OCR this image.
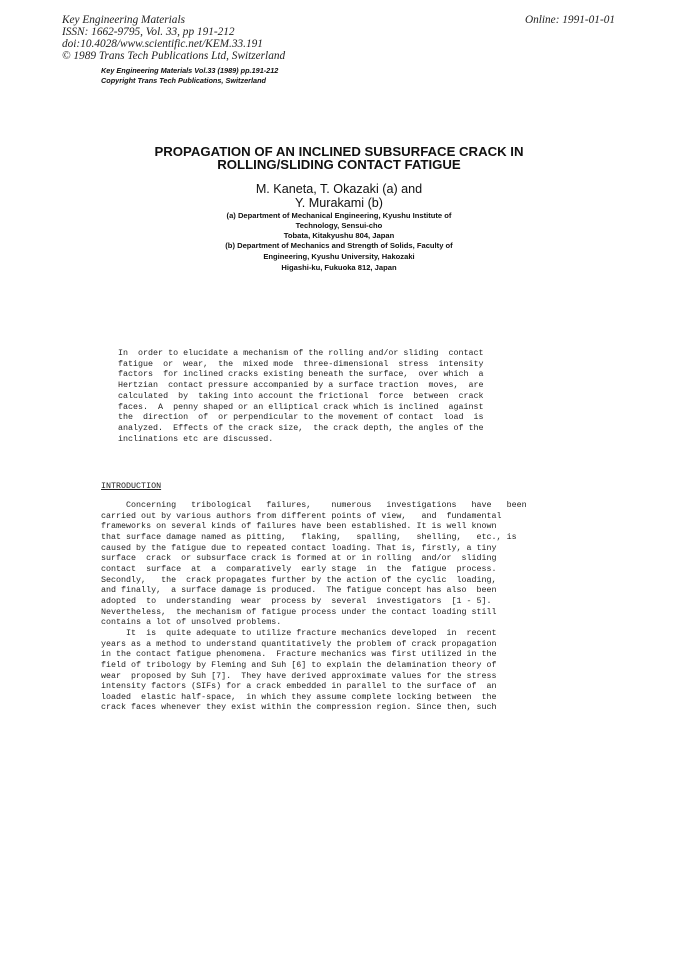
Key Engineering Materials
ISSN: 1662-9795, Vol. 33, pp 191-212
doi:10.4028/www.scientific.net/KEM.33.191
© 1989 Trans Tech Publications Ltd, Switzerland
Online: 1991-01-01
Key Engineering Materials Vol.33 (1989) pp.191-212
Copyright Trans Tech Publications, Switzerland
PROPAGATION OF AN INCLINED SUBSURFACE CRACK IN
ROLLING/SLIDING CONTACT FATIGUE
M. Kaneta, T. Okazaki (a) and
Y. Murakami (b)
(a) Department of Mechanical Engineering, Kyushu Institute of
Technology, Sensui-cho
Tobata, Kitakyushu 804, Japan
(b) Department of Mechanics and Strength of Solids, Faculty of
Engineering, Kyushu University, Hakozaki
Higashi-ku, Fukuoka 812, Japan
In  order to elucidate a mechanism of the rolling and/or sliding  contact
fatigue  or  wear,  the  mixed mode  three-dimensional  stress  intensity
factors  for inclined cracks existing beneath the surface,  over which  a
Hertzian  contact pressure accompanied by a surface traction  moves,  are
calculated  by  taking into account the frictional  force  between  crack
faces.  A  penny shaped or an elliptical crack which is inclined  against
the  direction  of  or perpendicular to the movement of contact  load  is
analyzed.  Effects of the crack size,  the crack depth, the angles of the
inclinations etc are discussed.
INTRODUCTION
Concerning   tribological   failures,    numerous   investigations   have   been
carried out by various authors from different points of view,   and  fundamental
frameworks on several kinds of failures have been established. It is well known
that surface damage named as pitting,   flaking,   spalling,   shelling,   etc., is
caused by the fatigue due to repeated contact loading. That is, firstly, a tiny
surface  crack  or subsurface crack is formed at or in rolling  and/or  sliding
contact  surface  at  a  comparatively  early stage  in  the  fatigue  process.
Secondly,   the  crack propagates further by the action of the cyclic  loading,
and finally,  a surface damage is produced.  The fatigue concept has also  been
adopted  to  understanding  wear  process by  several  investigators  [1 - 5].
Nevertheless,  the mechanism of fatigue process under the contact loading still
contains a lot of unsolved problems.
It  is  quite adequate to utilize fracture mechanics developed  in  recent
years as a method to understand quantitatively the problem of crack propagation
in the contact fatigue phenomena.  Fracture mechanics was first utilized in the
field of tribology by Fleming and Suh [6] to explain the delamination theory of
wear  proposed by Suh [7].  They have derived approximate values for the stress
intensity factors (SIFs) for a crack embedded in parallel to the surface of  an
loaded  elastic half-space,  in which they assume complete locking between  the
crack faces whenever they exist within the compression region. Since then, such
